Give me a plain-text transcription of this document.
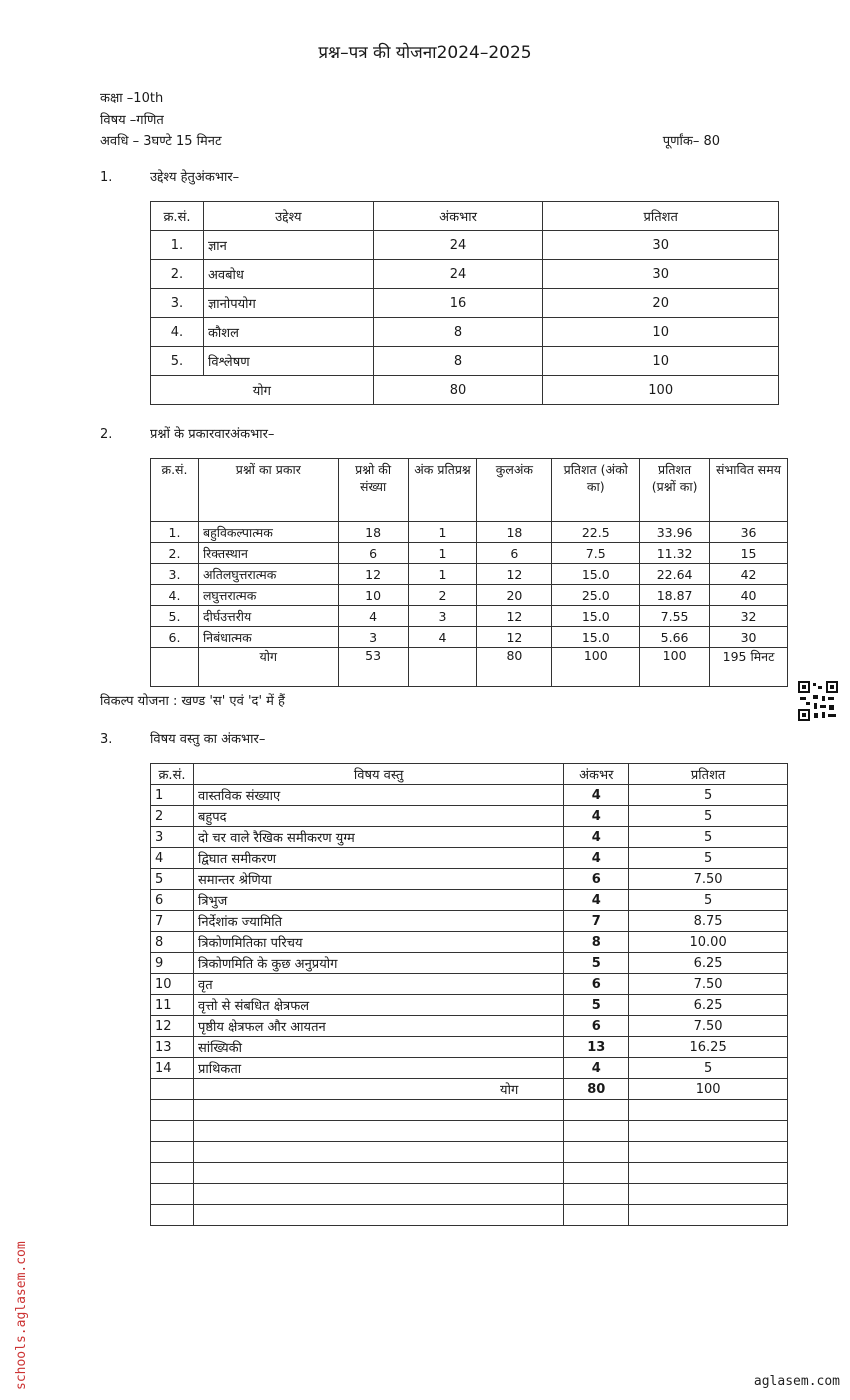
प्रश्न–पत्र की योजना2024–2025
कक्षा –10th
विषय –गणित
अवधि – 3घण्टे 15 मिनट	पूर्णांक– 80
1.	उद्देश्य हेतुअंकभार–
क्र.सं.	उद्देश्य	अंकभार	प्रतिशत
1.	ज्ञान	24	30
2.	अवबोध	24	30
3.	ज्ञानोपयोग	16	20
4.	कौशल	8	10
5.	विश्लेषण	8	10
योग		80	100
2.	प्रश्नों के प्रकारवारअंकभार–
क्र.सं.	प्रश्नों का प्रकार	प्रश्नो की संख्या	अंक प्रतिप्रश्न	कुलअंक	प्रतिशत (अंको का)	प्रतिशत (प्रश्नों का)	संभावित समय
1.	बहुविकल्पात्मक	18	1	18	22.5	33.96	36
2.	रिक्तस्थान	6	1	6	7.5	11.32	15
3.	अतिलघुत्तरात्मक	12	1	12	15.0	22.64	42
4.	लघुत्तरात्मक	10	2	20	25.0	18.87	40
5.	दीर्घउत्तरीय	4	3	12	15.0	7.55	32
6.	निबंधात्मक	3	4	12	15.0	5.66	30
	योग	53		80	100	100	195 मिनट
विकल्प योजना : खण्ड 'स' एवं 'द' में हैं
3.	विषय वस्तु का अंकभार–
क्र.सं.	विषय वस्तु	अंकभर	प्रतिशत
1	वास्तविक संख्याए	4	5
2	बहुपद	4	5
3	दो चर वाले रैखिक समीकरण युग्म	4	5
4	द्विघात समीकरण	4	5
5	समान्तर श्रेणिया	6	7.50
6	त्रिभुज	4	5
7	निर्देशांक ज्यामिति	7	8.75
8	त्रिकोणमितिका परिचय	8	10.00
9	त्रिकोणमिति के कुछ अनुप्रयोग	5	6.25
10	वृत	6	7.50
11	वृत्तो से संबधित क्षेत्रफल	5	6.25
12	पृष्ठीय क्षेत्रफल और आयतन	6	7.50
13	सांख्यिकी	13	16.25
14	प्राथिकता	4	5
	योग	80	100

schools.aglasem.com	aglasem.com
